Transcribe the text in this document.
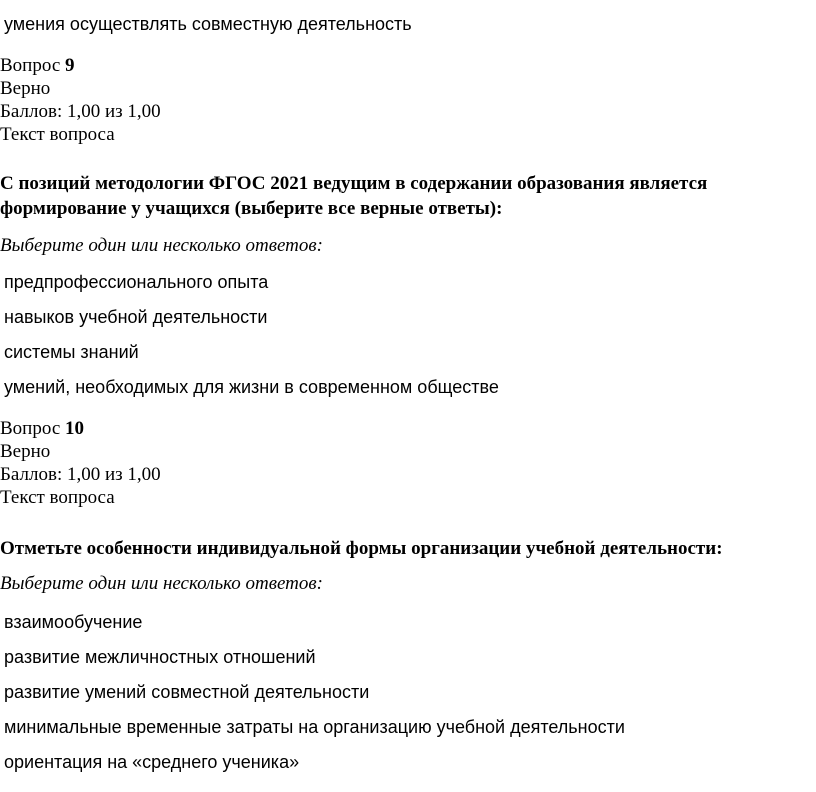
умения осуществлять совместную деятельность
Вопрос 9
Верно
Баллов: 1,00 из 1,00
Текст вопроса
С позиций методологии ФГОС 2021 ведущим в содержании образования является формирование у учащихся (выберите все верные ответы):
Выберите один или несколько ответов:
предпрофессионального опыта
навыков учебной деятельности
системы знаний
умений, необходимых для жизни в современном обществе
Вопрос 10
Верно
Баллов: 1,00 из 1,00
Текст вопроса
Отметьте особенности индивидуальной формы организации учебной деятельности:
Выберите один или несколько ответов:
взаимообучение
развитие межличностных отношений
развитие умений совместной деятельности
минимальные временные затраты на организацию учебной деятельности
ориентация на «среднего ученика»
